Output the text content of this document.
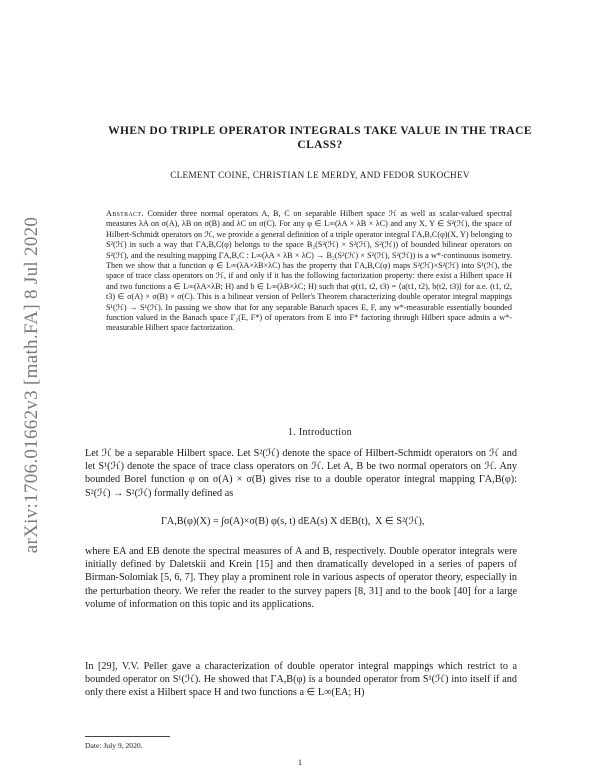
arXiv:1706.01662v3 [math.FA] 8 Jul 2020
WHEN DO TRIPLE OPERATOR INTEGRALS TAKE VALUE IN THE TRACE CLASS?
CLEMENT COINE, CHRISTIAN LE MERDY, AND FEDOR SUKOCHEV

Abstract. Consider three normal operators A, B, C on separable Hilbert space ℋ as well as scalar-valued spectral measures λA on σ(A), λB on σ(B) and λC on σ(C). For any φ ∈ L∞(λA × λB × λC) and any X, Y ∈ S²(ℋ), the space of Hilbert-Schmidt operators on ℋ, we provide a general definition of a triple operator integral ΓA,B,C(φ)(X, Y) belonging to S²(ℋ) in such a way that ΓA,B,C(φ) belongs to the space B₂(S²(ℋ) × S²(ℋ), S²(ℋ)) of bounded bilinear operators on S²(ℋ), and the resulting mapping ΓA,B,C : L∞(λA × λB × λC) → B₂(S²(ℋ) × S²(ℋ), S²(ℋ)) is a w*-continuous isometry. Then we show that a function φ ∈ L∞(λA×λB×λC) has the property that ΓA,B,C(φ) maps S²(ℋ)×S²(ℋ) into S¹(ℋ), the space of trace class operators on ℋ, if and only if it has the following factorization property: there exist a Hilbert space H and two functions a ∈ L∞(λA×λB; H) and b ∈ L∞(λB×λC; H) such that φ(t1, t2, t3) = ⟨a(t1, t2), b(t2, t3)⟩ for a.e. (t1, t2, t3) ∈ σ(A) × σ(B) × σ(C). This is a bilinear version of Peller's Theorem characterizing double operator integral mappings S¹(ℋ) → S¹(ℋ). In passing we show that for any separable Banach spaces E, F, any w*-measurable essentially bounded function valued in the Banach space Γ₂(E, F*) of operators from E into F* factoring through Hilbert space admits a w*-measurable Hilbert space factorization.

1. Introduction

Let ℋ be a separable Hilbert space. Let S²(ℋ) denote the space of Hilbert-Schmidt operators on ℋ and let S¹(ℋ) denote the space of trace class operators on ℋ. Let A, B be two normal operators on ℋ. Any bounded Borel function φ on σ(A) × σ(B) gives rise to a double operator integral mapping ΓA,B(φ): S²(ℋ) → S²(ℋ) formally defined as

ΓA,B(φ)(X) = ∫σ(A)×σ(B) φ(s, t) dEA(s) X dEB(t), X ∈ S²(ℋ),

where EA and EB denote the spectral measures of A and B, respectively. Double operator integrals were initially defined by Daletskii and Krein [15] and then dramatically developed in a series of papers of Birman-Solomiak [5, 6, 7]. They play a prominent role in various aspects of operator theory, especially in the perturbation theory. We refer the reader to the survey papers [8, 31] and to the book [40] for a large volume of information on this topic and its applications.

In [29], V.V. Peller gave a characterization of double operator integral mappings which restrict to a bounded operator on S¹(ℋ). He showed that ΓA,B(φ) is a bounded operator from S¹(ℋ) into itself if and only there exist a Hilbert space H and two functions a ∈ L∞(EA; H)

Date: July 9, 2020.
1
